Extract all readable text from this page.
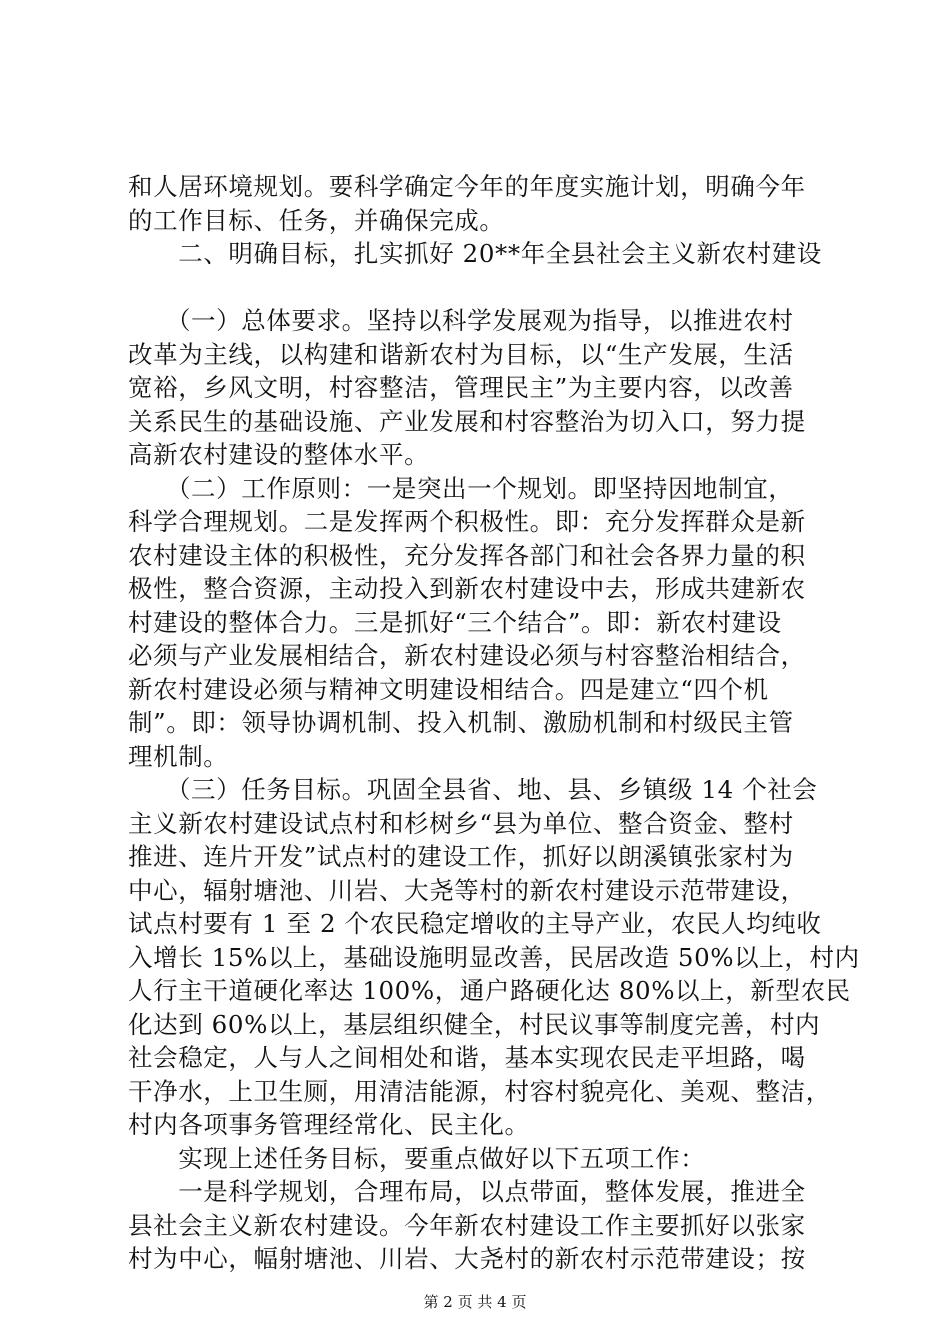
和人居环境规划。要科学确定今年的年度实施计划，明确今年
的工作目标、任务，并确保完成。
　　二、明确目标，扎实抓好 20**年全县社会主义新农村建设
　　（一）总体要求。坚持以科学发展观为指导，以推进农村
改革为主线，以构建和谐新农村为目标，以“生产发展，生活
宽裕，乡风文明，村容整洁，管理民主”为主要内容，以改善
关系民生的基础设施、产业发展和村容整治为切入口，努力提
高新农村建设的整体水平。
　　（二）工作原则：一是突出一个规划。即坚持因地制宜，
科学合理规划。二是发挥两个积极性。即：充分发挥群众是新
农村建设主体的积极性，充分发挥各部门和社会各界力量的积
极性，整合资源，主动投入到新农村建设中去，形成共建新农
村建设的整体合力。三是抓好“三个结合”。即：新农村建设
必须与产业发展相结合，新农村建设必须与村容整治相结合，
新农村建设必须与精神文明建设相结合。四是建立“四个机
制”。即：领导协调机制、投入机制、激励机制和村级民主管
理机制。
　　（三）任务目标。巩固全县省、地、县、乡镇级 14 个社会
主义新农村建设试点村和杉树乡“县为单位、整合资金、整村
推进、连片开发”试点村的建设工作，抓好以朗溪镇张家村为
中心，辐射塘池、川岩、大尧等村的新农村建设示范带建设，
试点村要有 1 至 2 个农民稳定增收的主导产业，农民人均纯收
入增长 15%以上，基础设施明显改善，民居改造 50%以上，村内
人行主干道硬化率达 100%，通户路硬化达 80%以上，新型农民
化达到 60%以上，基层组织健全，村民议事等制度完善，村内
社会稳定，人与人之间相处和谐，基本实现农民走平坦路，喝
干净水，上卫生厕，用清洁能源，村容村貌亮化、美观、整洁，
村内各项事务管理经常化、民主化。
　　实现上述任务目标，要重点做好以下五项工作：
　　一是科学规划，合理布局，以点带面，整体发展，推进全
县社会主义新农村建设。今年新农村建设工作主要抓好以张家
村为中心，幅射塘池、川岩、大尧村的新农村示范带建设；按
第 2 页 共 4 页
